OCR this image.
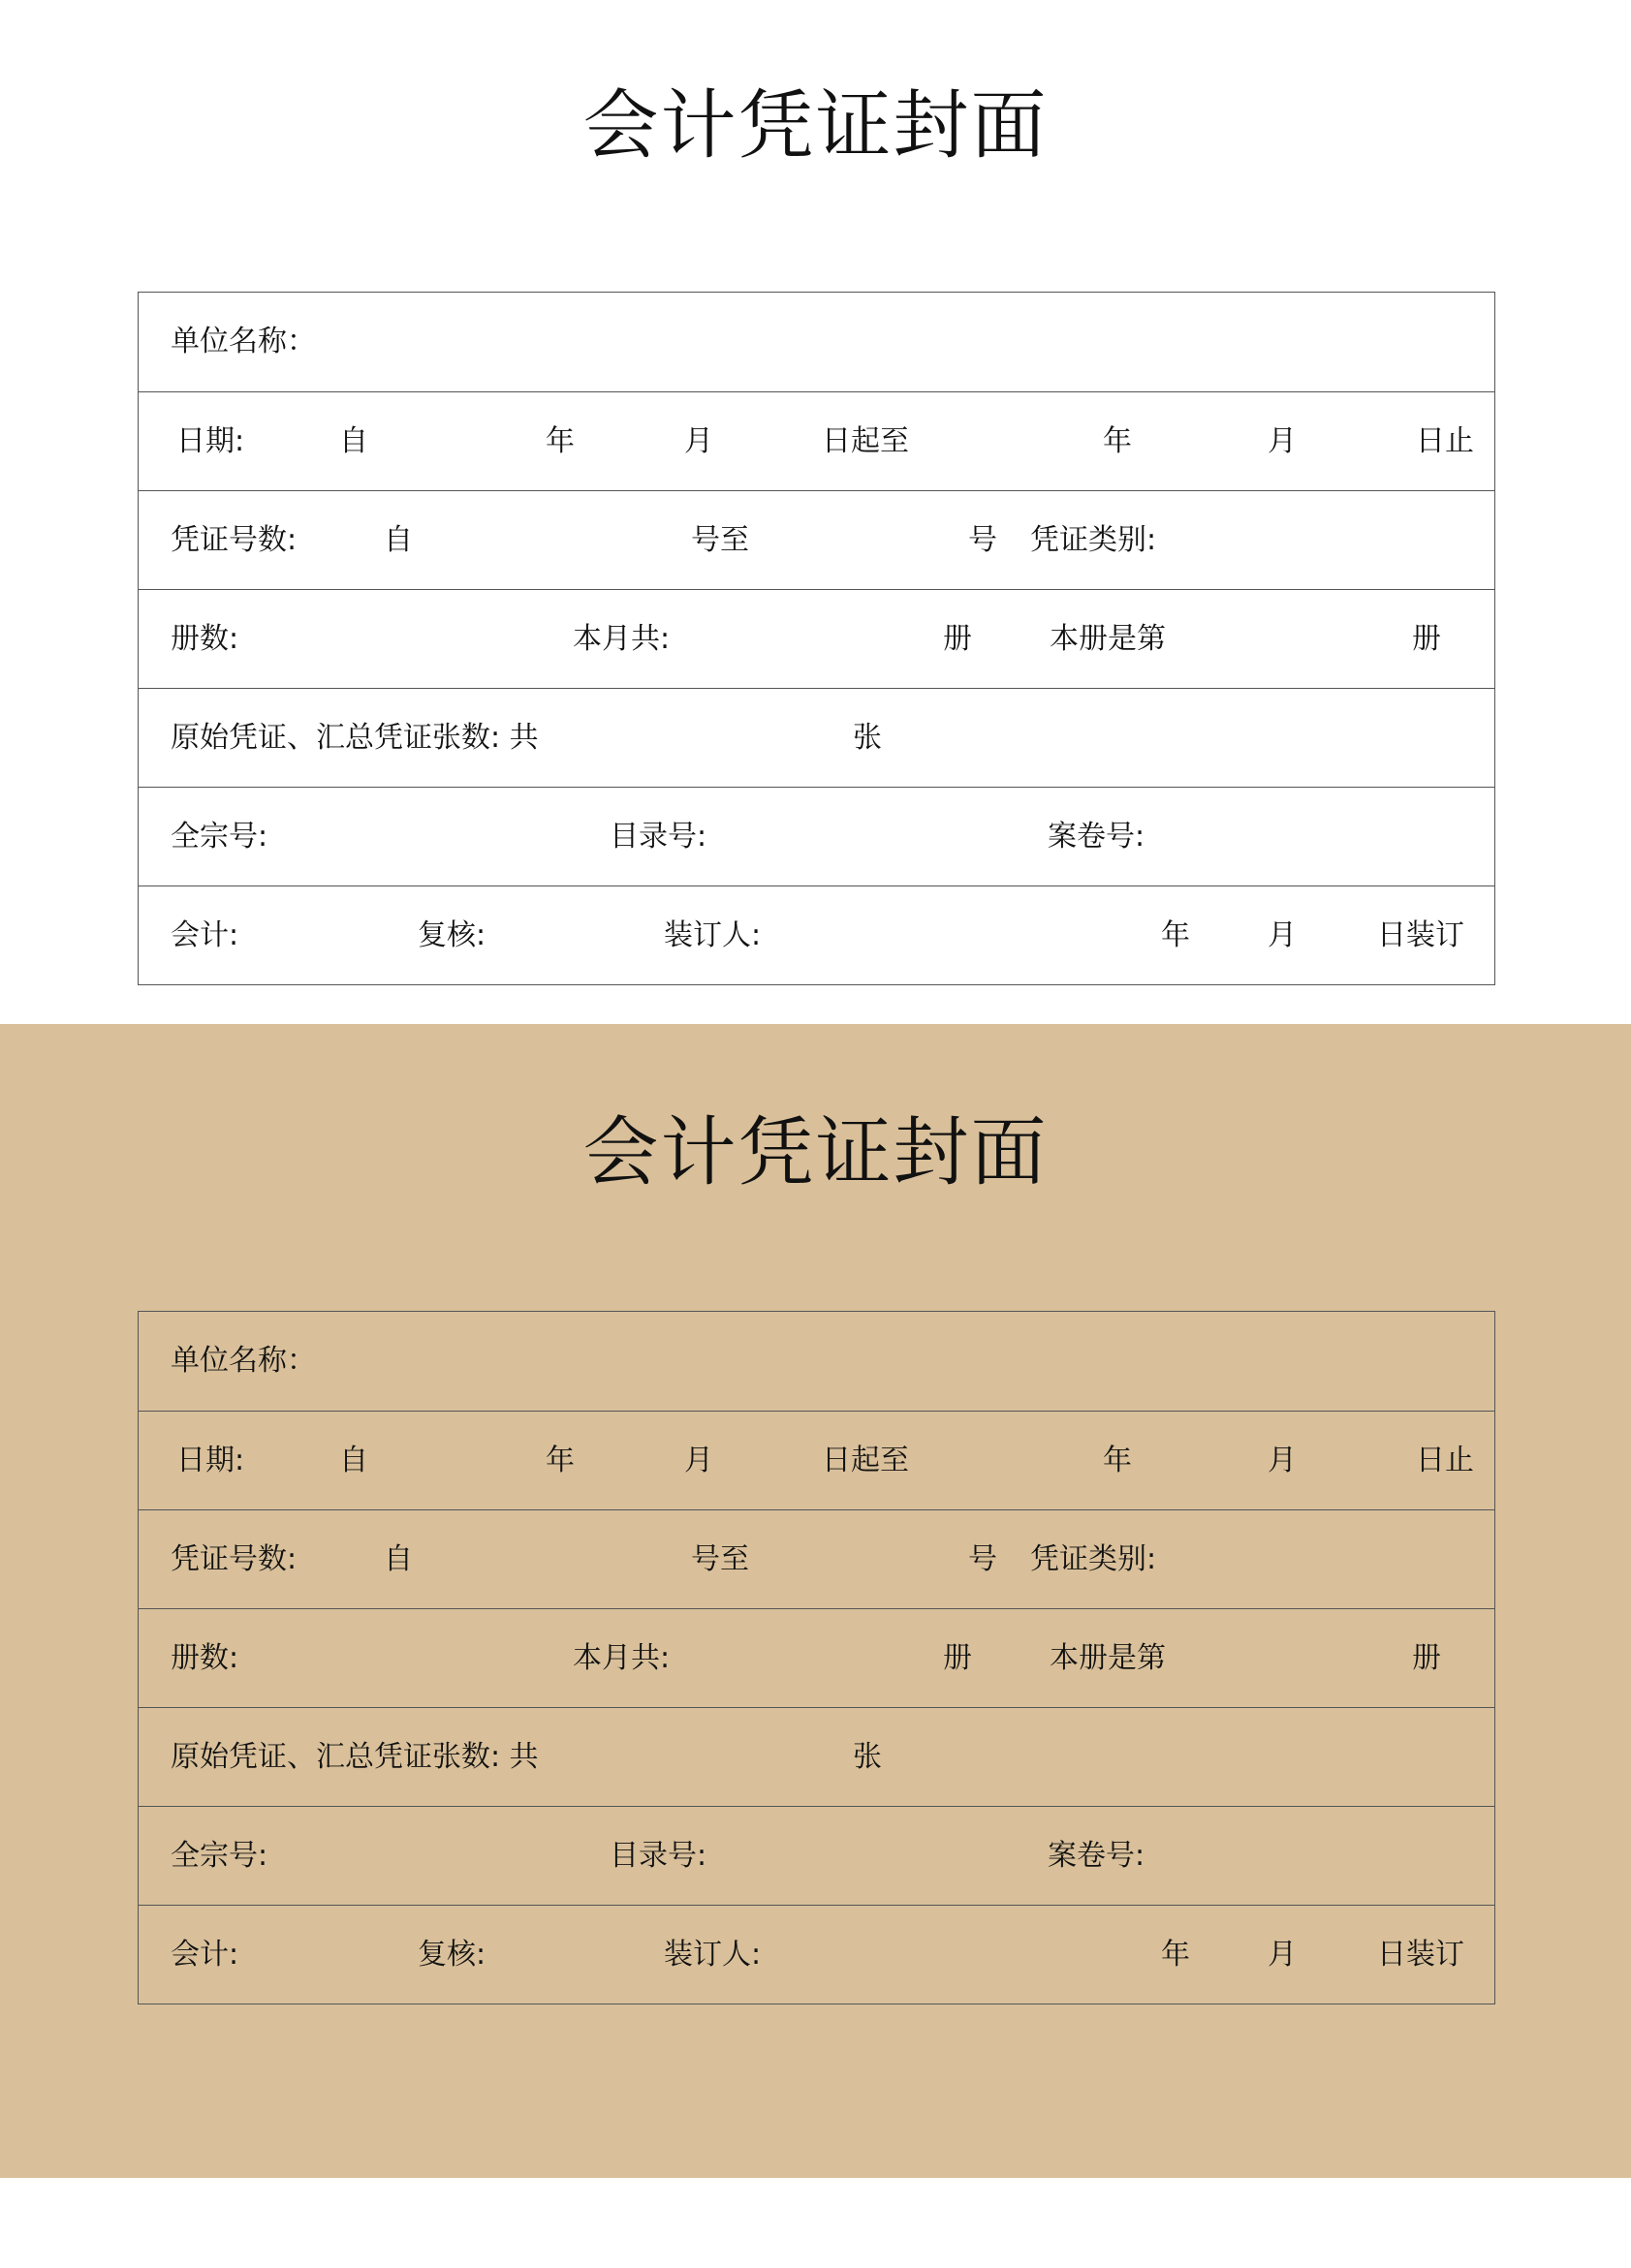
会计凭证封面
单位名称：

日期:	自	年	月	日起至	年	月	日止

凭证号数:	自	号至	号 凭证类别:

册数:	本月共:	册	本册是第	册

原始凭证、汇总凭证张数: 共	张

全宗号:	目录号:	案卷号:

会计:	复核:	装订人:	年	月	日装订
会计凭证封面
单位名称：

日期:	自	年	月	日起至	年	月	日止

凭证号数:	自	号至	号 凭证类别:

册数:	本月共:	册	本册是第	册

原始凭证、汇总凭证张数: 共	张

全宗号:	目录号:	案卷号:

会计:	复核:	装订人:	年	月	日装订
